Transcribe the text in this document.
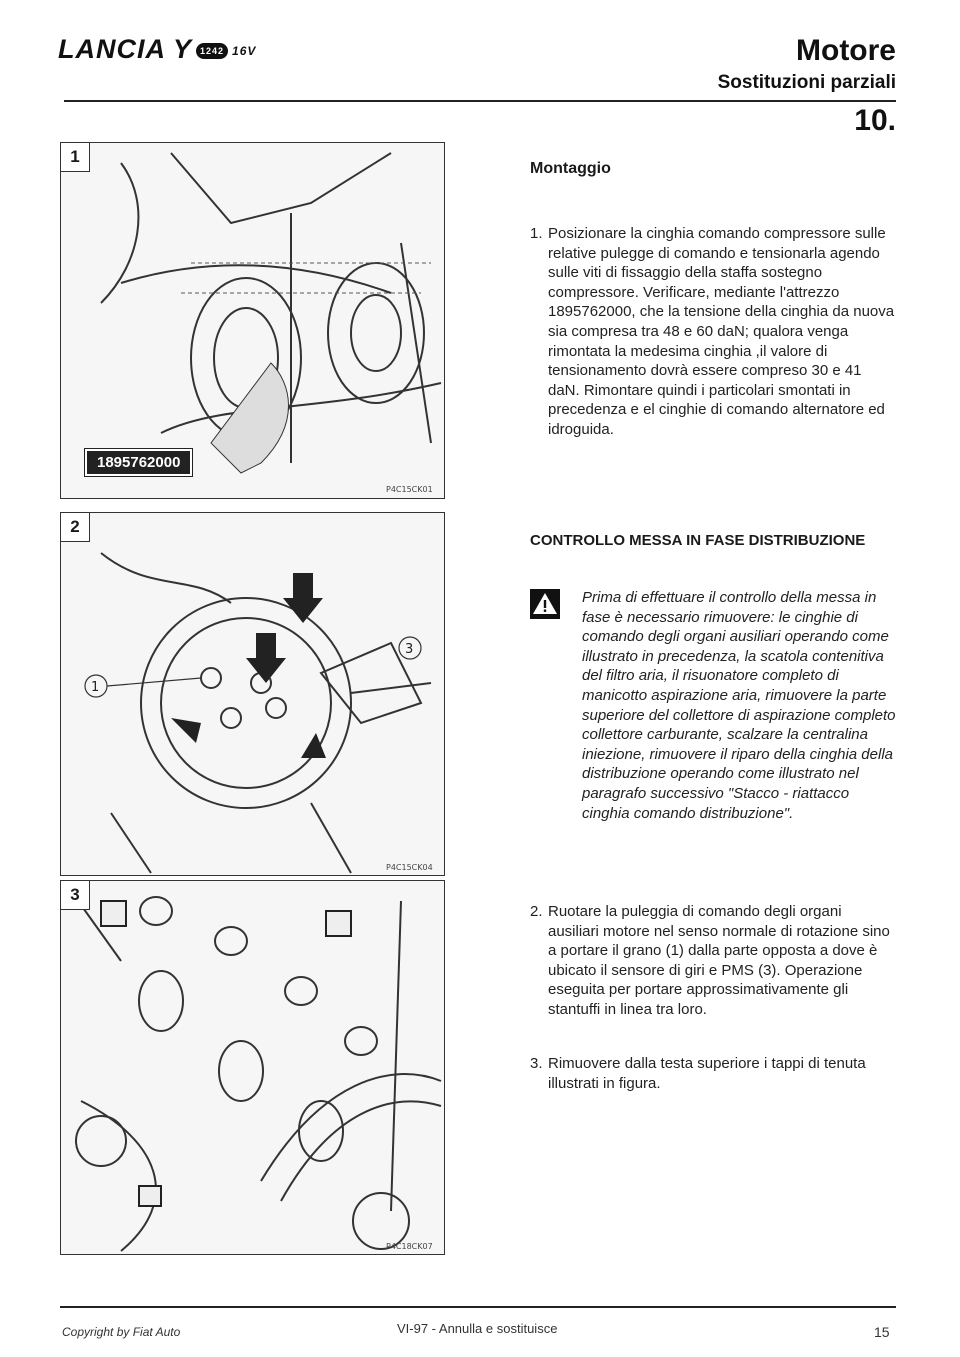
LANCIA Y 1242 16V	Motore
Sostituzioni parziali
10.
1
1895762000
P4C15CK01
1
3
2
P4C15CK04
3
P4C18CK07
Montaggio
1. Posizionare la cinghia comando compressore sulle relative pulegge di comando e tensionarla agendo sulle viti di fissaggio della staffa sostegno compressore. Verificare, mediante l'attrezzo 1895762000, che la tensione della cinghia da nuova sia compresa tra 48 e 60 daN; qualora venga rimontata la medesima cinghia ,il valore di tensionamento dovrà essere compreso 30 e 41 daN. Rimontare quindi i particolari smontati in precedenza e el cinghie di comando alternatore ed idroguida.
CONTROLLO MESSA IN FASE DISTRIBUZIONE
Prima di effettuare il controllo della messa in fase è necessario rimuovere: le cinghie di comando degli organi ausiliari operando come illustrato in precedenza, la scatola contenitiva del filtro aria, il risuonatore completo di manicotto aspirazione aria, rimuovere la parte superiore del collettore di aspirazione completo collettore carburante, scalzare la centralina iniezione, rimuovere il riparo della cinghia della distribuzione operando come illustrato nel paragrafo successivo "Stacco - riattacco cinghia comando distribuzione".
2. Ruotare la puleggia di comando degli organi ausiliari motore nel senso normale di rotazione sino a portare il grano (1) dalla parte opposta a dove è ubicato il sensore di giri e PMS (3). Operazione eseguita per portare approssimativamente gli stantuffi in linea tra loro.
3. Rimuovere dalla testa superiore i tappi di tenuta illustrati in figura.
Copyright by Fiat Auto	VI-97 - Annulla e sostituisce	15
